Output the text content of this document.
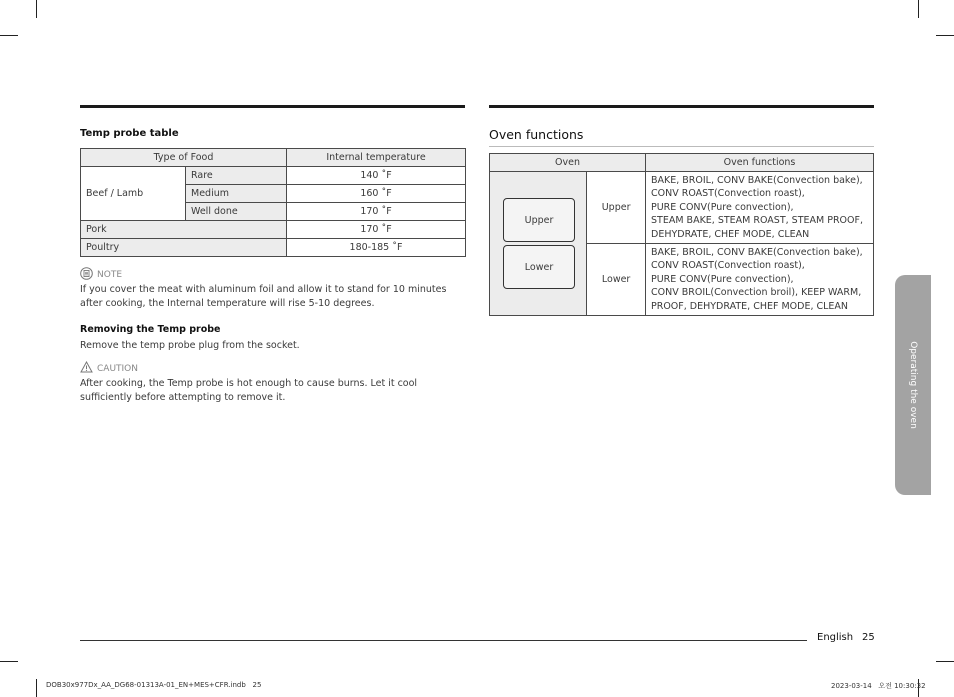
Temp probe table
Type of Food		Internal temperature
Beef / Lamb	Rare	140 ˚F
	Medium	160 ˚F
	Well done	170 ˚F
Pork		170 ˚F
Poultry		180-185 ˚F
NOTE
If you cover the meat with aluminum foil and allow it to stand for 10 minutes after cooking, the Internal temperature will rise 5-10 degrees.
Removing the Temp probe
Remove the temp probe plug from the socket.
CAUTION
After cooking, the Temp probe is hot enough to cause burns. Let it cool sufficiently before attempting to remove it.
Oven functions
Oven		Oven functions
	Upper	BAKE, BROIL, CONV BAKE(Convection bake),
CONV ROAST(Convection roast),
PURE CONV(Pure convection),
STEAM BAKE, STEAM ROAST, STEAM PROOF,
DEHYDRATE, CHEF MODE, CLEAN

	Lower	BAKE, BROIL, CONV BAKE(Convection bake),
CONV ROAST(Convection roast),
PURE CONV(Pure convection),
CONV BROIL(Convection broil), KEEP WARM,
PROOF, DEHYDRATE, CHEF MODE, CLEAN
Upper
Lower
Operating the oven
English 25
DOB30x977Dx_AA_DG68-01313A-01_EN+MES+CFR.indb   25	2023-03-14   오전 10:30:32
